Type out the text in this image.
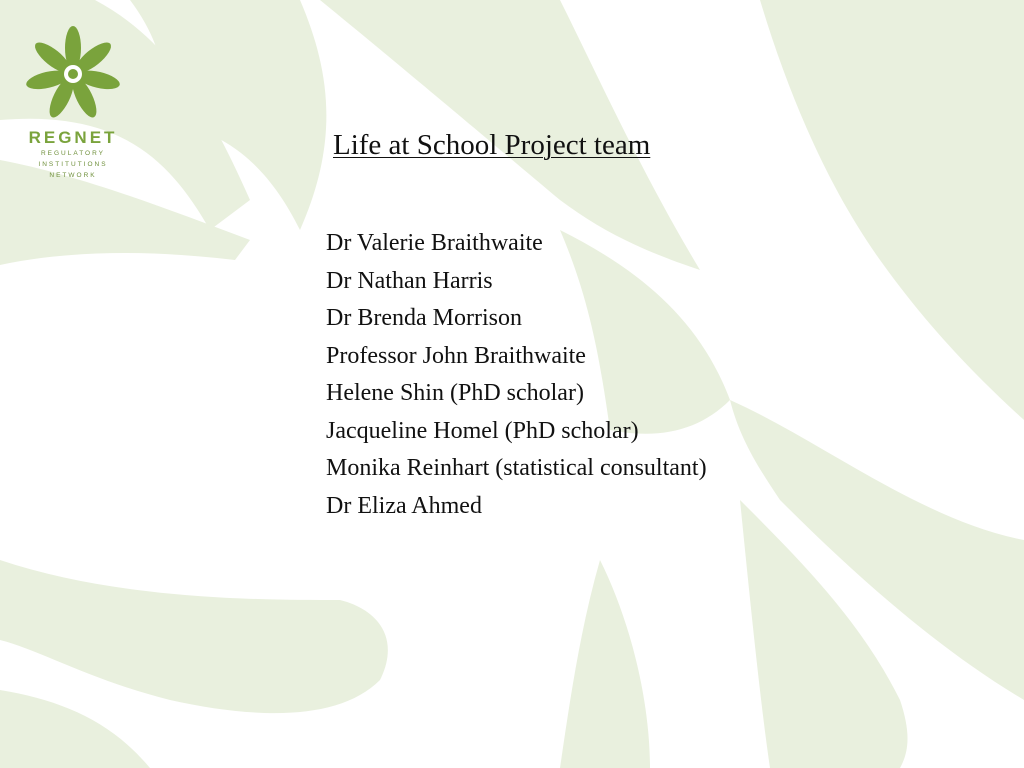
REGNET
REGULATORY
INSTITUTIONS
NETWORK
Life at School Project team
Dr Valerie Braithwaite
Dr Nathan Harris
Dr Brenda Morrison
Professor John Braithwaite
Helene Shin (PhD scholar)
Jacqueline Homel (PhD scholar)
Monika Reinhart (statistical consultant)
Dr Eliza Ahmed
